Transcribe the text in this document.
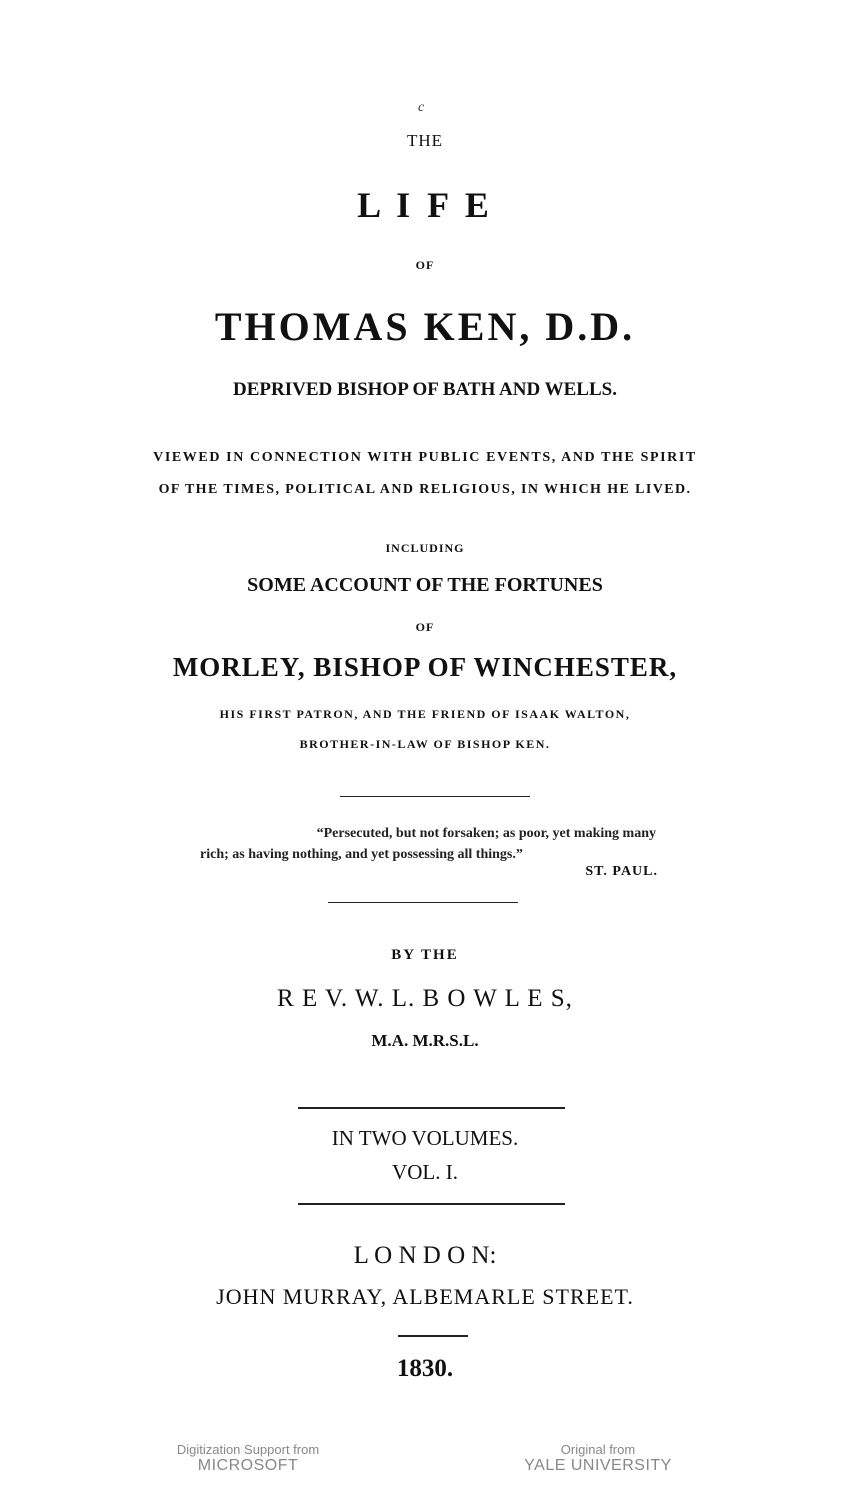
c

THE

L I F E

OF

THOMAS KEN, D.D.

DEPRIVED BISHOP OF BATH AND WELLS.

VIEWED IN CONNECTION WITH PUBLIC EVENTS, AND THE SPIRIT

OF THE TIMES, POLITICAL AND RELIGIOUS, IN WHICH HE LIVED.

INCLUDING

SOME ACCOUNT OF THE FORTUNES

OF

MORLEY, BISHOP OF WINCHESTER,

HIS FIRST PATRON, AND THE FRIEND OF ISAAK WALTON,

BROTHER-IN-LAW OF BISHOP KEN.

“Persecuted, but not forsaken; as poor, yet making many
rich; as having nothing, and yet possessing all things.”
ST. PAUL.

BY THE

R E V. W. L. B O W L E S,

M.A. M.R.S.L.

IN TWO VOLUMES.

VOL. I.

L O N D O N:

JOHN MURRAY, ALBEMARLE STREET.

1830.

Digitization Support from
MICROSOFT
Original from
YALE UNIVERSITY
